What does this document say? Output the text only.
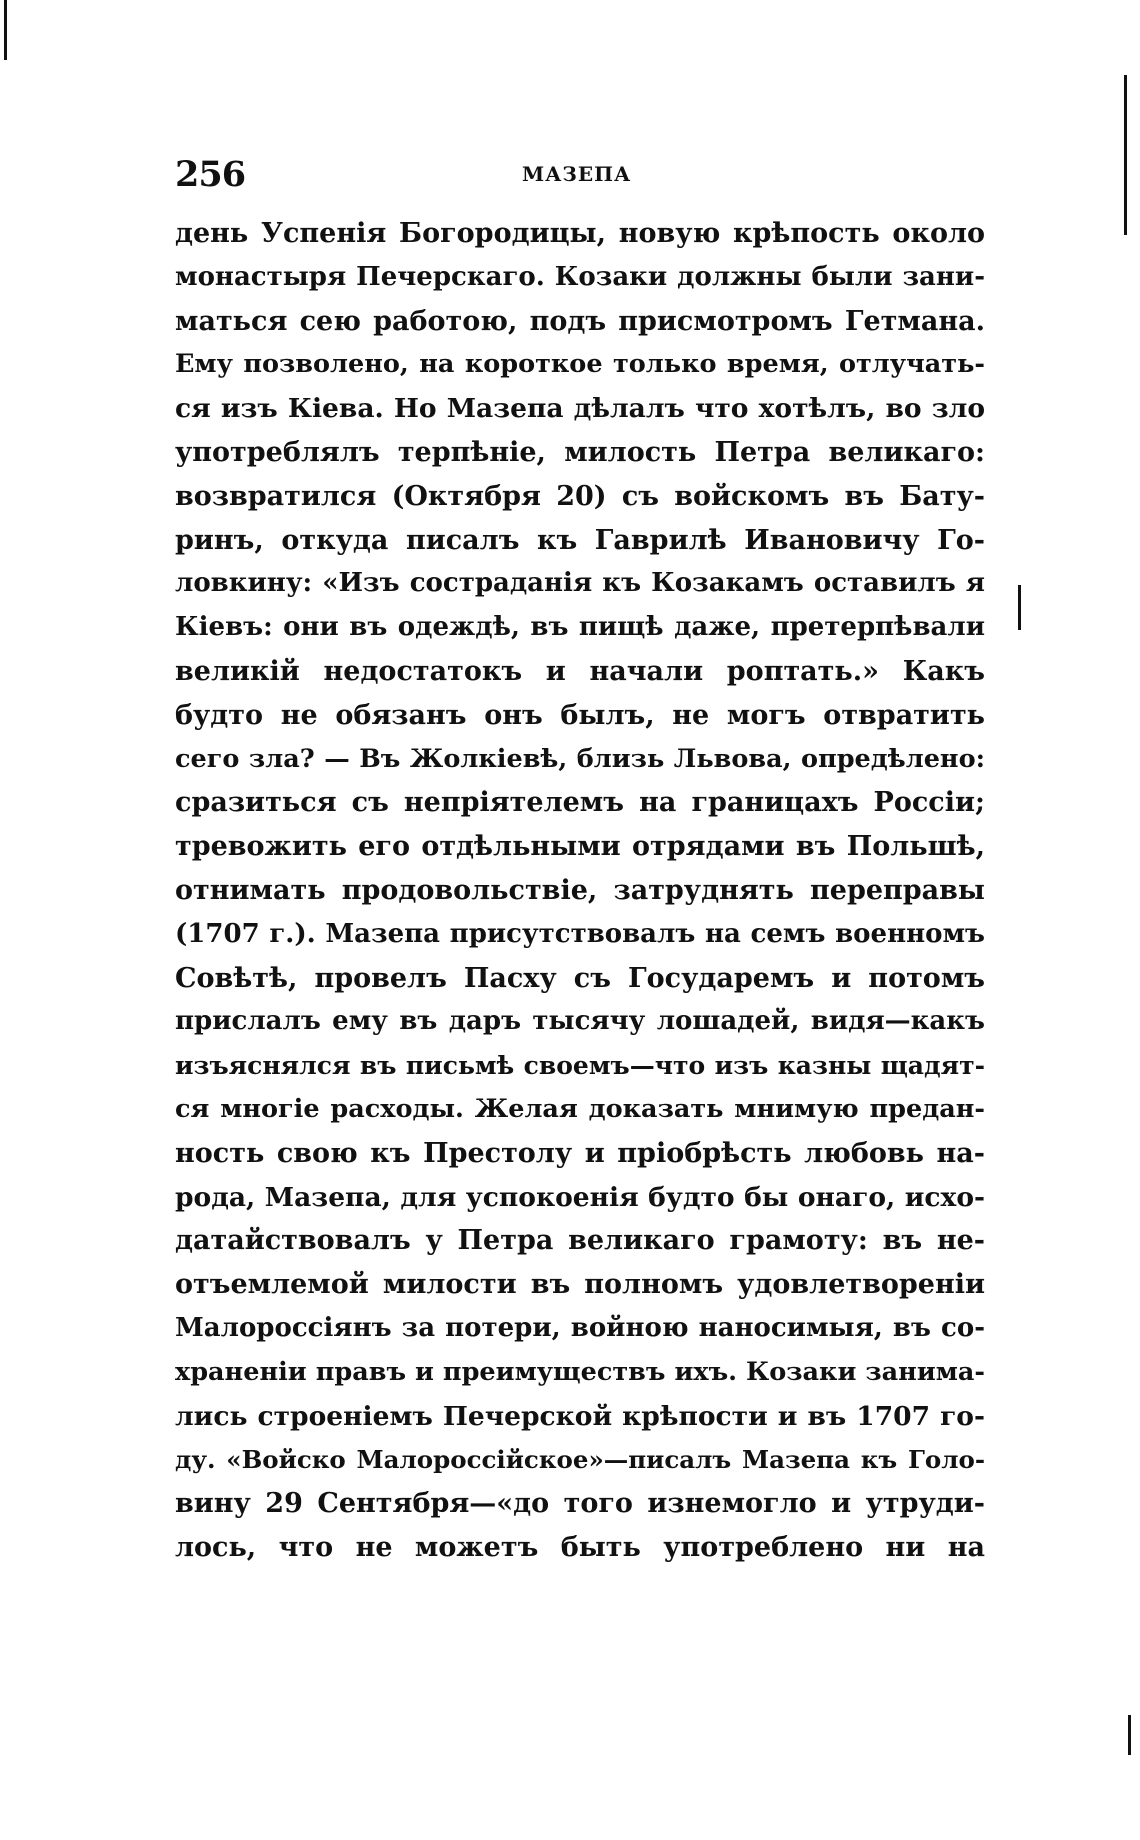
256	МАЗЕПА
день Успенія Богородицы, новую крѣпость около
монастыря Печерскаго. Козаки должны были зани-
маться сею работою, подъ присмотромъ Гетмана.
Ему позволено, на короткое только время, отлучать-
ся изъ Кіева. Но Мазепа дѣлалъ что хотѣлъ, во зло
употреблялъ терпѣніе, милость Петра великаго:
возвратился (Октября 20) съ войскомъ въ Бату-
ринъ, откуда писалъ къ Гаврилѣ Ивановичу Го-
ловкину: «Изъ состраданія къ Козакамъ оставилъ я
Кіевъ: они въ одеждѣ, въ пищѣ даже, претерпѣвали
великій недостатокъ и начали роптать.» Какъ
будто не обязанъ онъ былъ, не могъ отвратить
сего зла? — Въ Жолкіевѣ, близь Львова, опредѣлено:
сразиться съ непріятелемъ на границахъ Россіи;
тревожить его отдѣльными отрядами въ Польшѣ,
отнимать продовольствіе, затруднять переправы
(1707 г.). Мазепа присутствовалъ на семъ военномъ
Совѣтѣ, провелъ Пасху съ Государемъ и потомъ
прислалъ ему въ даръ тысячу лошадей, видя—какъ
изъяснялся въ письмѣ своемъ—что изъ казны щадят-
ся многіе расходы. Желая доказать мнимую предан-
ность свою къ Престолу и пріобрѣсть любовь на-
рода, Мазепа, для успокоенія будто бы онаго, исхо-
датайствовалъ у Петра великаго грамоту: въ не-
отъемлемой милости въ полномъ удовлетвореніи
Малороссіянъ за потери, войною наносимыя, въ со-
храненіи правъ и преимуществъ ихъ. Козаки занима-
лись строеніемъ Печерской крѣпости и въ 1707 го-
ду. «Войско Малороссійское»—писалъ Мазепа къ Голо-
вину 29 Сентября—«до того изнемогло и утруди-
лось, что не можетъ быть употреблено ни на
